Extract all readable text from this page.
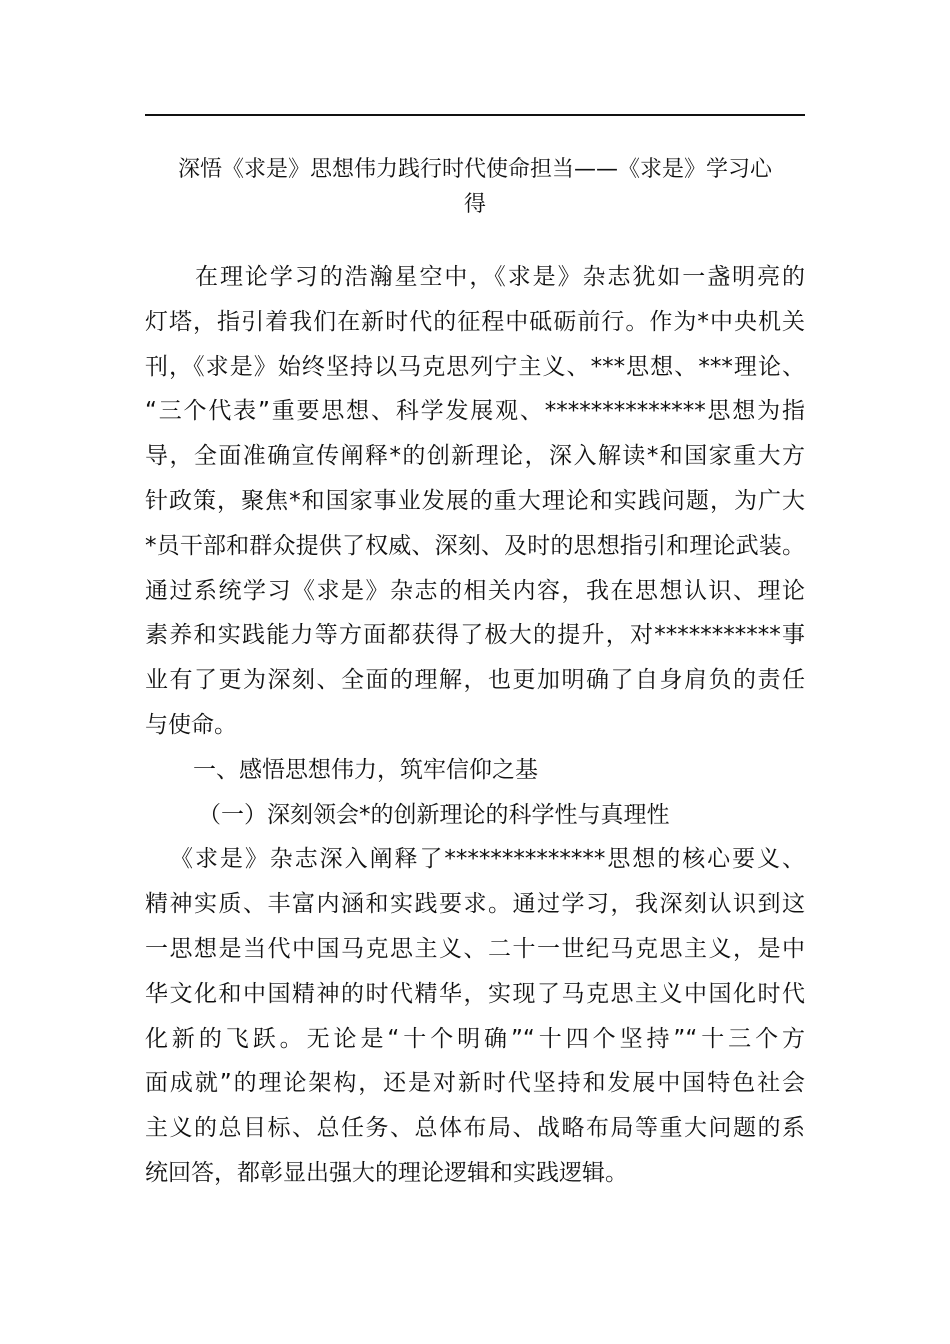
深悟《求是》思想伟力践行时代使命担当——《求是》学习心
得
在理论学习的浩瀚星空中，《求是》杂志犹如一盏明亮的
灯塔，指引着我们在新时代的征程中砥砺前行。作为*中央机关
刊，《求是》始终坚持以马克思列宁主义、***思想、***理论、
“三个代表”重要思想、科学发展观、**************思想为指
导，全面准确宣传阐释*的创新理论，深入解读*和国家重大方
针政策，聚焦*和国家事业发展的重大理论和实践问题，为广大
*员干部和群众提供了权威、深刻、及时的思想指引和理论武装。
通过系统学习《求是》杂志的相关内容，我在思想认识、理论
素养和实践能力等方面都获得了极大的提升，对***********事
业有了更为深刻、全面的理解，也更加明确了自身肩负的责任
与使命。
一、感悟思想伟力，筑牢信仰之基
（一）深刻领会*的创新理论的科学性与真理性
《求是》杂志深入阐释了**************思想的核心要义、
精神实质、丰富内涵和实践要求。通过学习，我深刻认识到这
一思想是当代中国马克思主义、二十一世纪马克思主义，是中
华文化和中国精神的时代精华，实现了马克思主义中国化时代
化新的飞跃。无论是“十个明确”“十四个坚持”“十三个方
面成就”的理论架构，还是对新时代坚持和发展中国特色社会
主义的总目标、总任务、总体布局、战略布局等重大问题的系
统回答，都彰显出强大的理论逻辑和实践逻辑。
